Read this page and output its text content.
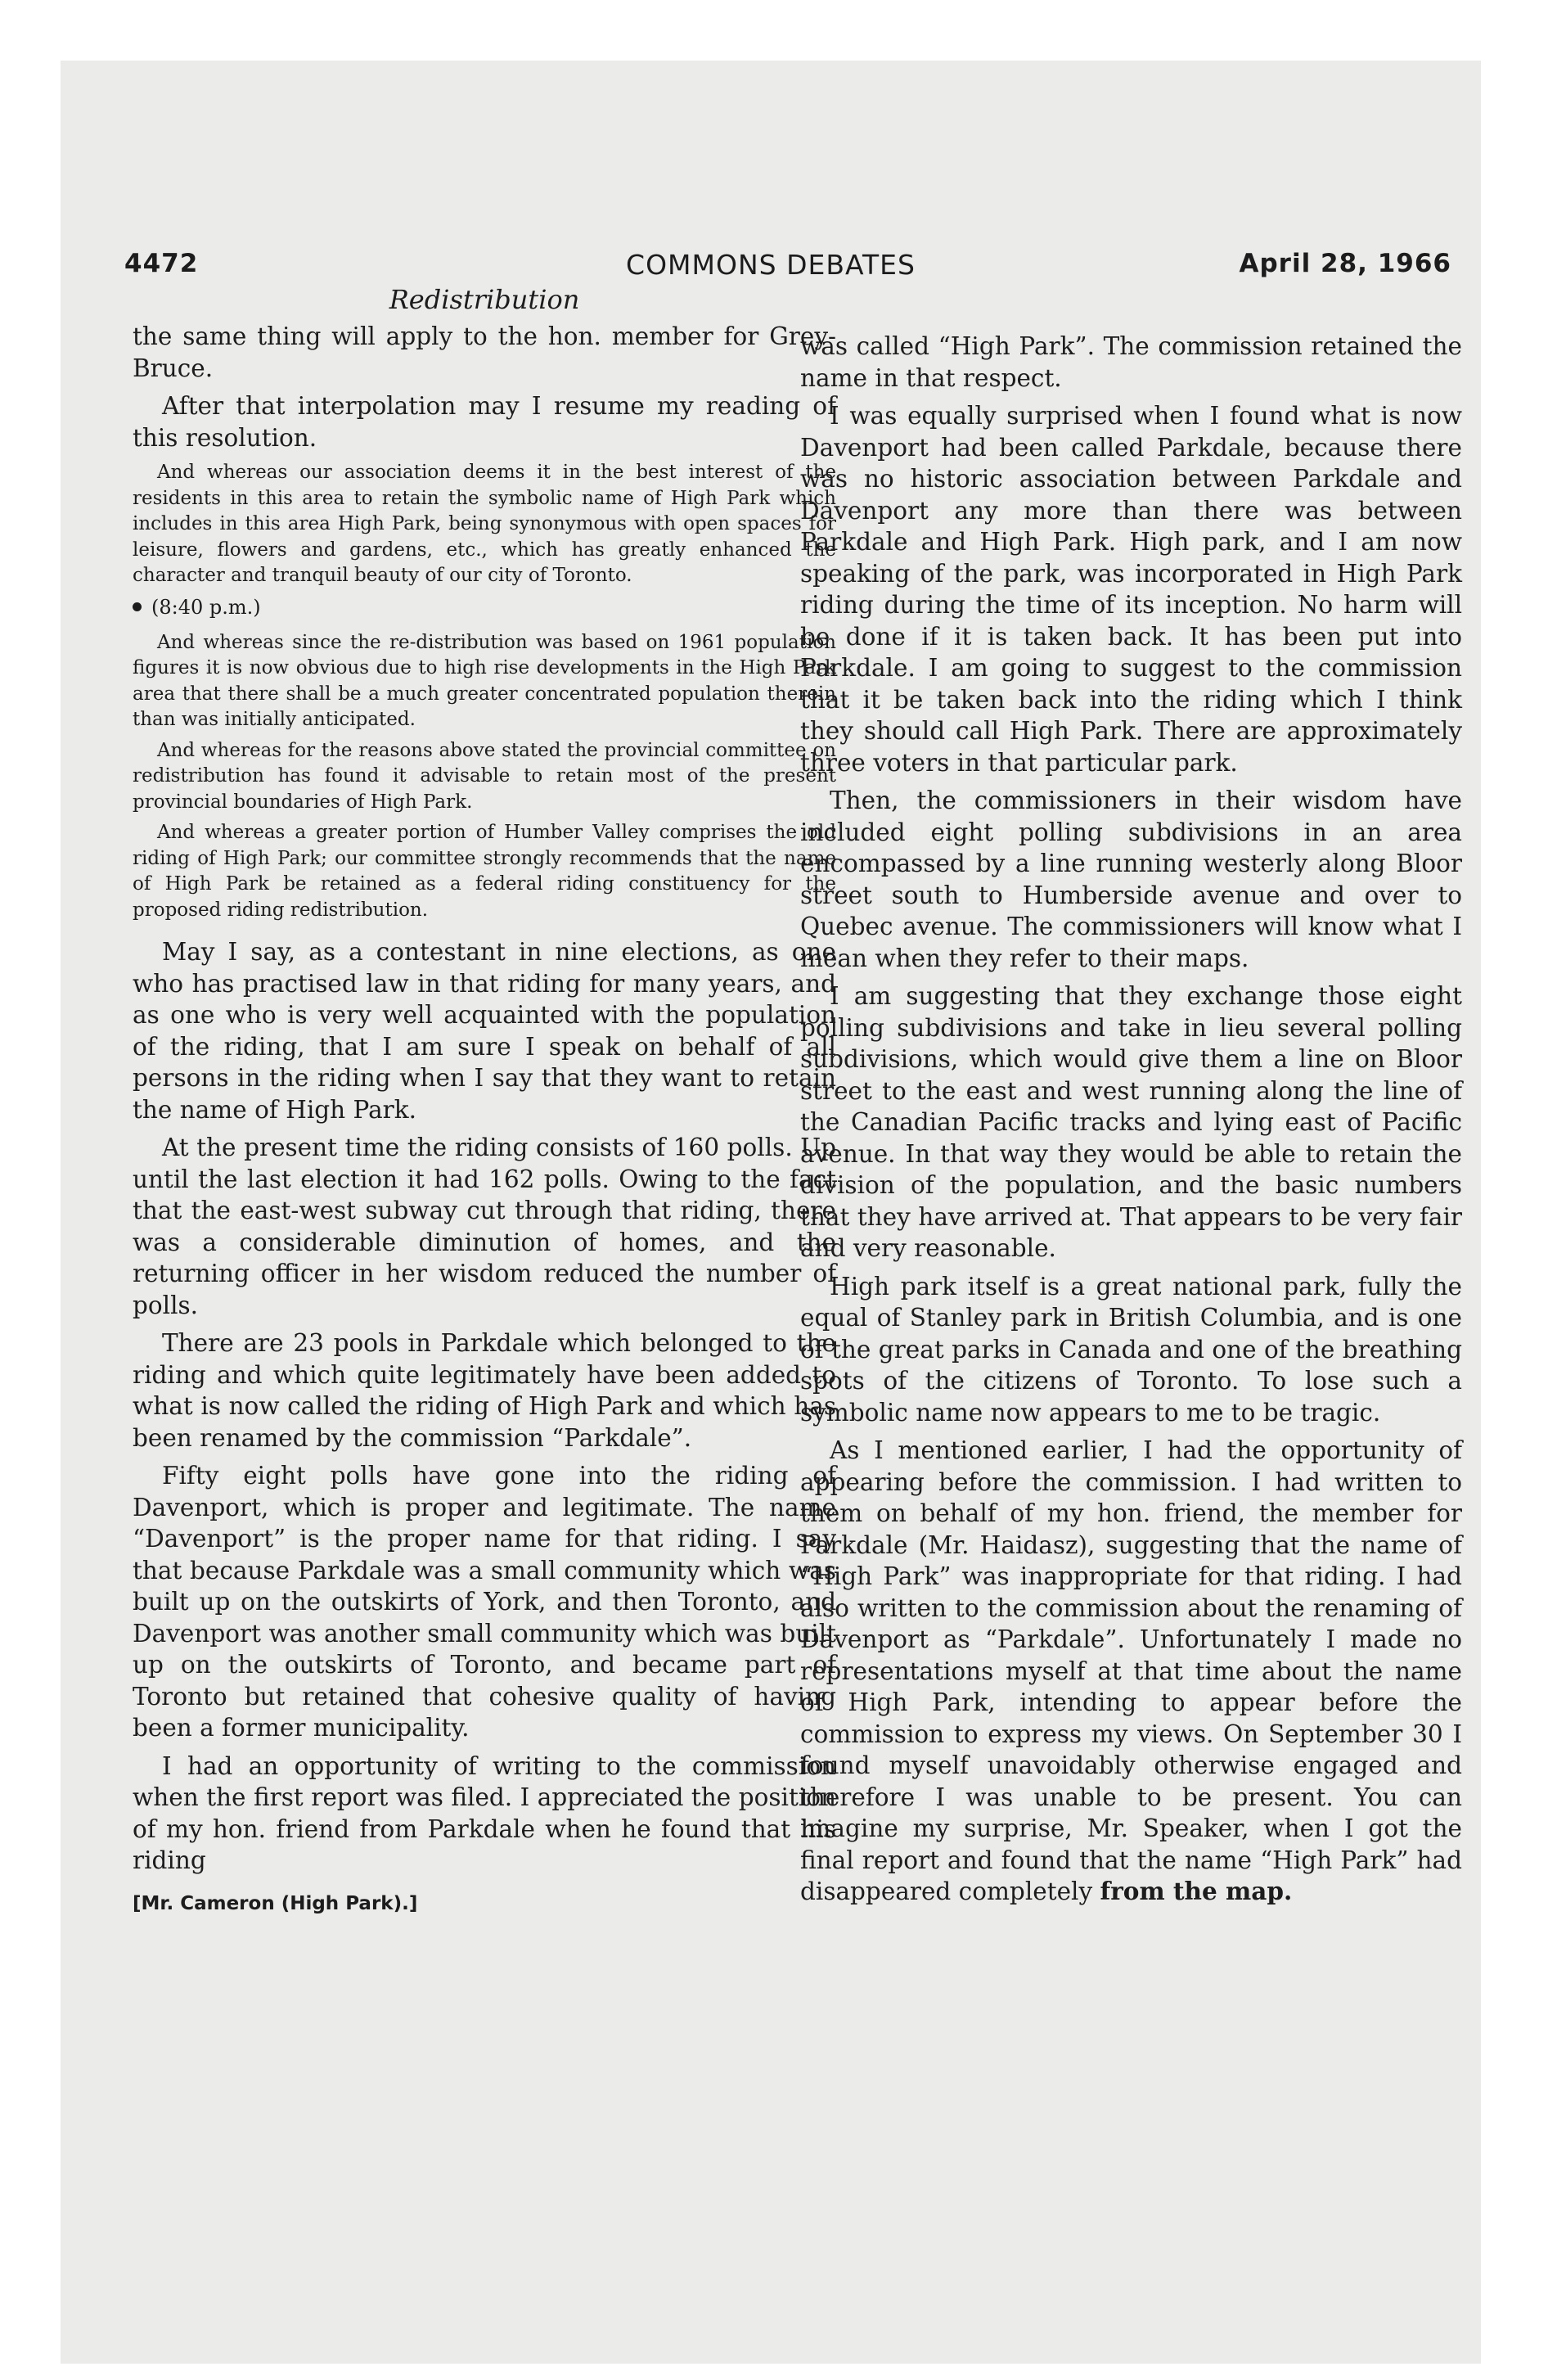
4472	COMMONS DEBATES	April 28, 1966
Redistribution

the same thing will apply to the hon. member for Grey-Bruce.

After that interpolation may I resume my reading of this resolution.

And whereas our association deems it in the best interest of the residents in this area to retain the symbolic name of High Park which includes in this area High Park, being synonymous with open spaces for leisure, flowers and gardens, etc., which has greatly enhanced the character and tranquil beauty of our city of Toronto.

(8:40 p.m.)

And whereas since the re-distribution was based on 1961 population figures it is now obvious due to high rise developments in the High Park area that there shall be a much greater concentrated population therein than was initially anticipated.

And whereas for the reasons above stated the provincial committee on redistribution has found it advisable to retain most of the present provincial boundaries of High Park.

And whereas a greater portion of Humber Valley comprises the old riding of High Park; our committee strongly recommends that the name of High Park be retained as a federal riding constituency for the proposed riding redistribution.

May I say, as a contestant in nine elections, as one who has practised law in that riding for many years, and as one who is very well acquainted with the population of the riding, that I am sure I speak on behalf of all persons in the riding when I say that they want to retain the name of High Park.

At the present time the riding consists of 160 polls. Up until the last election it had 162 polls. Owing to the fact that the east-west subway cut through that riding, there was a considerable diminution of homes, and the returning officer in her wisdom reduced the number of polls.

There are 23 pools in Parkdale which belonged to the riding and which quite legitimately have been added to what is now called the riding of High Park and which has been renamed by the commission “Parkdale”.

Fifty eight polls have gone into the riding of Davenport, which is proper and legitimate. The name “Davenport” is the proper name for that riding. I say that because Parkdale was a small community which was built up on the outskirts of York, and then Toronto, and Davenport was another small community which was built up on the outskirts of Toronto, and became part of Toronto but retained that cohesive quality of having been a former municipality.

I had an opportunity of writing to the commission when the first report was filed. I appreciated the position of my hon. friend from Parkdale when he found that his riding

[Mr. Cameron (High Park).]

was called “High Park”. The commission retained the name in that respect.

I was equally surprised when I found what is now Davenport had been called Parkdale, because there was no historic association between Parkdale and Davenport any more than there was between Parkdale and High Park. High park, and I am now speaking of the park, was incorporated in High Park riding during the time of its inception. No harm will be done if it is taken back. It has been put into Parkdale. I am going to suggest to the commission that it be taken back into the riding which I think they should call High Park. There are approximately three voters in that particular park.

Then, the commissioners in their wisdom have included eight polling subdivisions in an area encompassed by a line running westerly along Bloor street south to Humberside avenue and over to Quebec avenue. The commissioners will know what I mean when they refer to their maps.

I am suggesting that they exchange those eight polling subdivisions and take in lieu several polling subdivisions, which would give them a line on Bloor street to the east and west running along the line of the Canadian Pacific tracks and lying east of Pacific avenue. In that way they would be able to retain the division of the population, and the basic numbers that they have arrived at. That appears to be very fair and very reasonable.

High park itself is a great national park, fully the equal of Stanley park in British Columbia, and is one of the great parks in Canada and one of the breathing spots of the citizens of Toronto. To lose such a symbolic name now appears to me to be tragic.

As I mentioned earlier, I had the opportunity of appearing before the commission. I had written to them on behalf of my hon. friend, the member for Parkdale (Mr. Haidasz), suggesting that the name of “High Park” was inappropriate for that riding. I had also written to the commission about the renaming of Davenport as “Parkdale”. Unfortunately I made no representations myself at that time about the name of High Park, intending to appear before the commission to express my views. On September 30 I found myself unavoidably otherwise engaged and therefore I was unable to be present. You can imagine my surprise, Mr. Speaker, when I got the final report and found that the name “High Park” had disappeared completely from the map.
